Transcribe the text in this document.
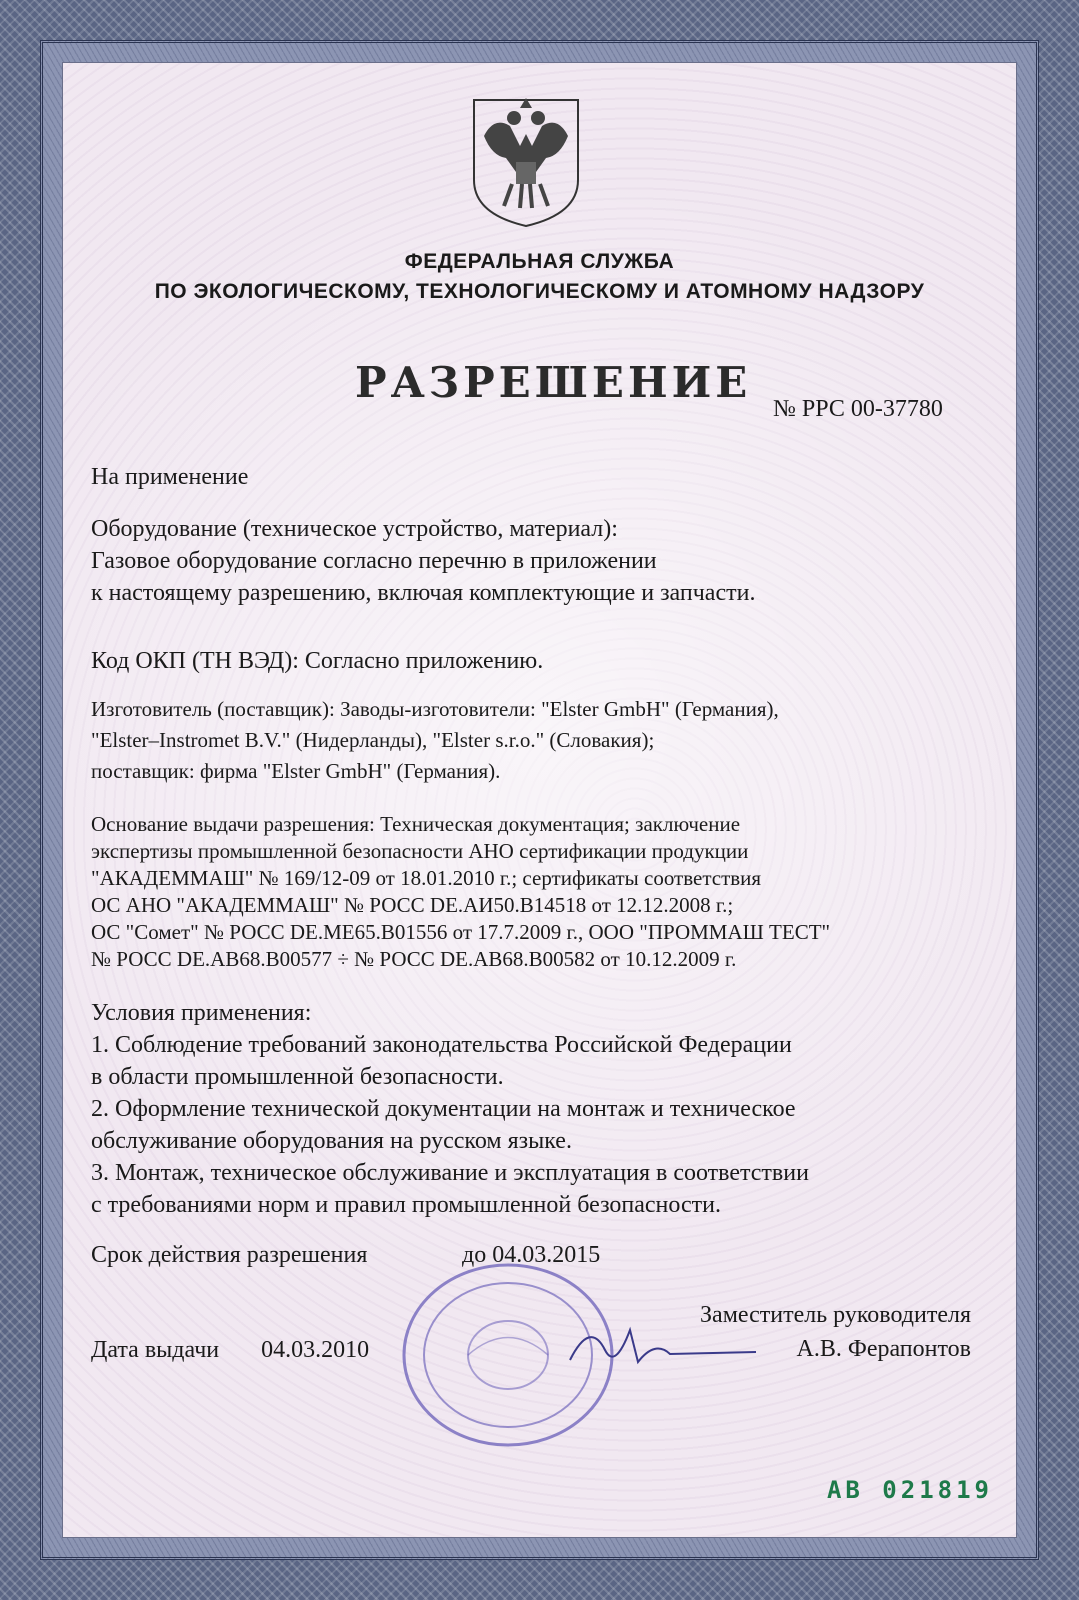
ФЕДЕРАЛЬНАЯ СЛУЖБА
ПО ЭКОЛОГИЧЕСКОМУ, ТЕХНОЛОГИЧЕСКОМУ И АТОМНОМУ НАДЗОРУ
РАЗРЕШЕНИЕ
№ РРС 00-37780
На применение
Оборудование (техническое устройство, материал):
Газовое оборудование согласно перечню в приложении
к настоящему разрешению, включая комплектующие и запчасти.
Код ОКП (ТН ВЭД): Согласно приложению.
Изготовитель (поставщик): Заводы-изготовители: "Elster GmbH" (Германия),
"Elster–Instromet B.V." (Нидерланды), "Elster s.r.o." (Словакия);
поставщик: фирма "Elster GmbH" (Германия).
Основание выдачи разрешения: Техническая документация; заключение
экспертизы промышленной безопасности АНО сертификации продукции
"АКАДЕММАШ" № 169/12-09 от 18.01.2010 г.; сертификаты соответствия
ОС АНО "АКАДЕММАШ" № РОСС DE.АИ50.В14518 от 12.12.2008 г.;
ОС "Сомет" № РОСС DE.МЕ65.В01556 от 17.7.2009 г., ООО "ПРОММАШ ТЕСТ"
№ РОСС DE.АВ68.В00577 ÷ № РОСС DE.АВ68.В00582 от 10.12.2009 г.
Условия применения:
1. Соблюдение требований законодательства Российской Федерации
в области промышленной безопасности.
2. Оформление технической документации на монтаж и техническое
обслуживание оборудования на русском языке.
3. Монтаж, техническое обслуживание и эксплуатация в соответствии
с требованиями норм и правил промышленной безопасности.
Срок действия разрешения	до 04.03.2015
Дата выдачи 04.03.2010
Заместитель руководителя
А.В. Ферапонтов
АВ 021819
